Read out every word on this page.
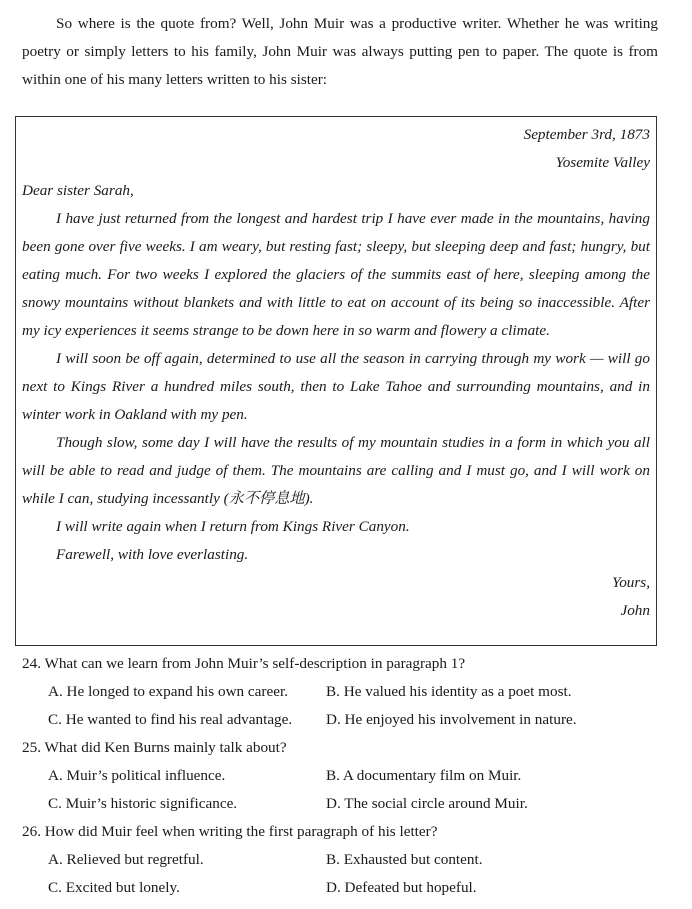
So where is the quote from? Well, John Muir was a productive writer. Whether he was writing poetry or simply letters to his family, John Muir was always putting pen to paper. The quote is from within one of his many letters written to his sister:

September 3rd, 1873

Yosemite Valley

Dear sister Sarah,

I have just returned from the longest and hardest trip I have ever made in the mountains, having been gone over five weeks. I am weary, but resting fast; sleepy, but sleeping deep and fast; hungry, but eating much. For two weeks I explored the glaciers of the summits east of here, sleeping among the snowy mountains without blankets and with little to eat on account of its being so inaccessible. After my icy experiences it seems strange to be down here in so warm and flowery a climate.

I will soon be off again, determined to use all the season in carrying through my work — will go next to Kings River a hundred miles south, then to Lake Tahoe and surrounding mountains, and in winter work in Oakland with my pen.

Though slow, some day I will have the results of my mountain studies in a form in which you all will be able to read and judge of them. The mountains are calling and I must go, and I will work on while I can, studying incessantly (永不停息地).

I will write again when I return from Kings River Canyon.

Farewell, with love everlasting.

Yours,

John

24. What can we learn from John Muir’s self-description in paragraph 1?

A. He longed to expand his own career.	B. He valued his identity as a poet most.

C. He wanted to find his real advantage.	D. He enjoyed his involvement in nature.

25. What did Ken Burns mainly talk about?

A. Muir’s political influence.	B. A documentary film on Muir.

C. Muir’s historic significance.	D. The social circle around Muir.

26. How did Muir feel when writing the first paragraph of his letter?

A. Relieved but regretful.	B. Exhausted but content.

C. Excited but lonely.	D. Defeated but hopeful.
